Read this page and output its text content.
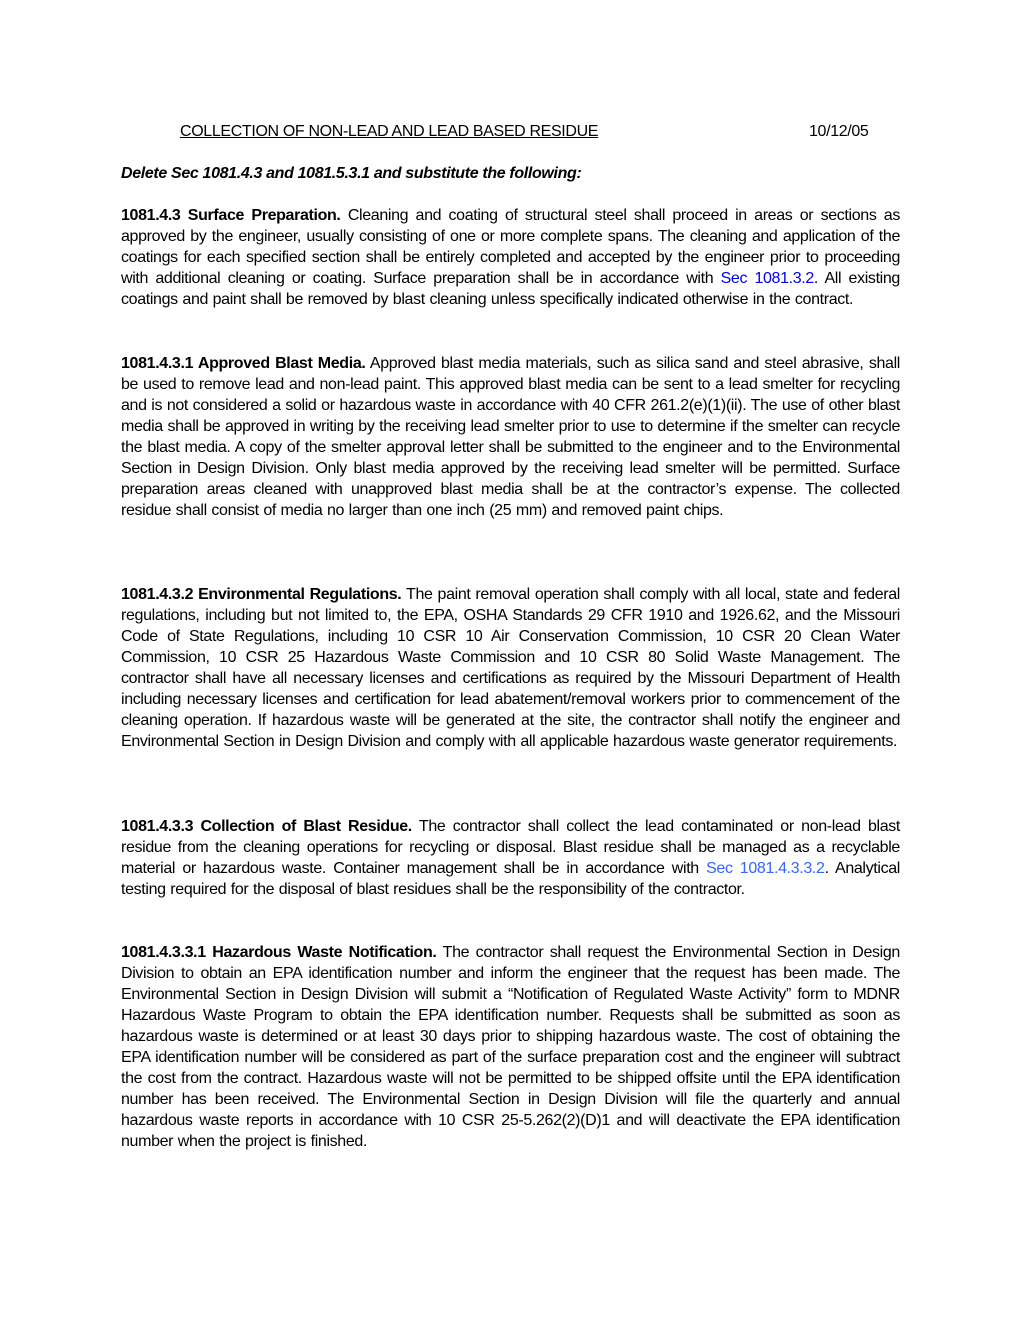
COLLECTION OF NON-LEAD AND LEAD BASED RESIDUE	10/12/05
Delete Sec 1081.4.3 and 1081.5.3.1 and substitute the following:

1081.4.3 Surface Preparation. Cleaning and coating of structural steel shall proceed in areas or sections as approved by the engineer, usually consisting of one or more complete spans. The cleaning and application of the coatings for each specified section shall be entirely completed and accepted by the engineer prior to proceeding with additional cleaning or coating. Surface preparation shall be in accordance with Sec 1081.3.2. All existing coatings and paint shall be removed by blast cleaning unless specifically indicated otherwise in the contract.

1081.4.3.1 Approved Blast Media. Approved blast media materials, such as silica sand and steel abrasive, shall be used to remove lead and non-lead paint. This approved blast media can be sent to a lead smelter for recycling and is not considered a solid or hazardous waste in accordance with 40 CFR 261.2(e)(1)(ii). The use of other blast media shall be approved in writing by the receiving lead smelter prior to use to determine if the smelter can recycle the blast media. A copy of the smelter approval letter shall be submitted to the engineer and to the Environmental Section in Design Division. Only blast media approved by the receiving lead smelter will be permitted. Surface preparation areas cleaned with unapproved blast media shall be at the contractor’s expense. The collected residue shall consist of media no larger than one inch (25 mm) and removed paint chips.

1081.4.3.2 Environmental Regulations. The paint removal operation shall comply with all local, state and federal regulations, including but not limited to, the EPA, OSHA Standards 29 CFR 1910 and 1926.62, and the Missouri Code of State Regulations, including 10 CSR 10 Air Conservation Commission, 10 CSR 20 Clean Water Commission, 10 CSR 25 Hazardous Waste Commission and 10 CSR 80 Solid Waste Management. The contractor shall have all necessary licenses and certifications as required by the Missouri Department of Health including necessary licenses and certification for lead abatement/removal workers prior to commencement of the cleaning operation. If hazardous waste will be generated at the site, the contractor shall notify the engineer and Environmental Section in Design Division and comply with all applicable hazardous waste generator requirements.

1081.4.3.3 Collection of Blast Residue. The contractor shall collect the lead contaminated or non-lead blast residue from the cleaning operations for recycling or disposal. Blast residue shall be managed as a recyclable material or hazardous waste. Container management shall be in accordance with Sec 1081.4.3.3.2. Analytical testing required for the disposal of blast residues shall be the responsibility of the contractor.

1081.4.3.3.1 Hazardous Waste Notification. The contractor shall request the Environmental Section in Design Division to obtain an EPA identification number and inform the engineer that the request has been made. The Environmental Section in Design Division will submit a “Notification of Regulated Waste Activity” form to MDNR Hazardous Waste Program to obtain the EPA identification number. Requests shall be submitted as soon as hazardous waste is determined or at least 30 days prior to shipping hazardous waste. The cost of obtaining the EPA identification number will be considered as part of the surface preparation cost and the engineer will subtract the cost from the contract. Hazardous waste will not be permitted to be shipped offsite until the EPA identification number has been received. The Environmental Section in Design Division will file the quarterly and annual hazardous waste reports in accordance with 10 CSR 25-5.262(2)(D)1 and will deactivate the EPA identification number when the project is finished.
